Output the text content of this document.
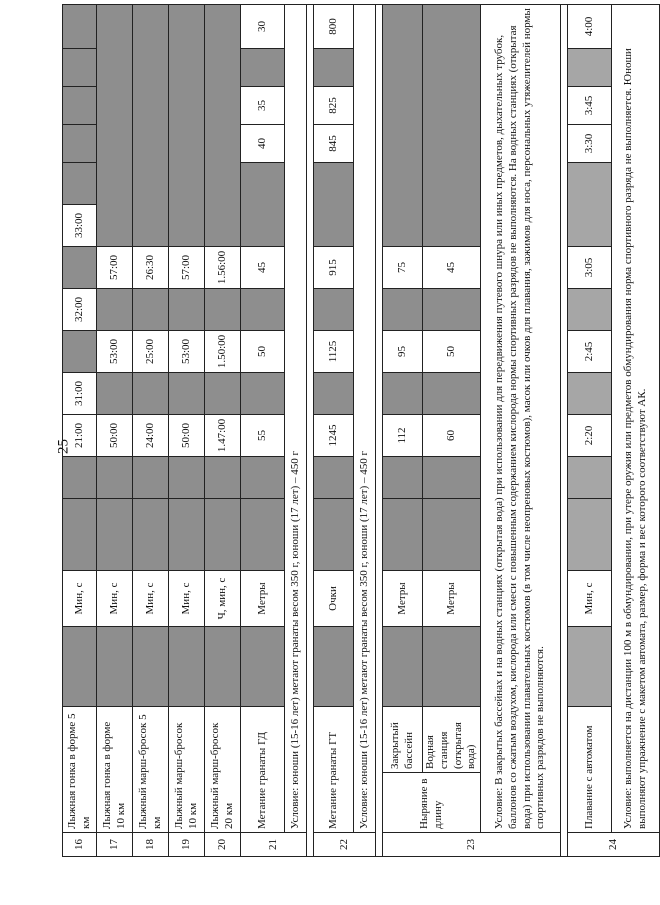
25
16	Лыжная гонка в форме 5 км			Мин, с			21:00	31:00		32:00		33:00					
17	Лыжная гонка в форме 10 км			Мин, с			50:00		53:00		57:00						
18	Лыжный марш-бросок 5 км			Мин, с			24:00		25:00		26:30						
19	Лыжный марш-бросок 10 км			Мин, с			50:00		53:00		57:00						
20	Лыжный марш-бросок 20 км			Ч, мин, с			1.47:00		1.50:00		1.56:00						
21	Метание гранаты ГД			Метры			55		50		45			40	35		30
	Условие: юноши (15-16 лет) метают гранаты весом 350 г, юноши (17 лет) – 450 г																

22	Метание гранаты ГТ			Очки			1245		1125		915			845	825		800
	Условие: юноши (15-16 лет) метают гранаты весом 350 г, юноши (17 лет) – 450 г																

23	Ныряние в длину	Закрытый бассейн		Метры			112		95		75						
		Водная станция (открытая вода)		Метры			60		50		45						
	Условие: В закрытых бассейнах и на водных станциях (открытая вода) при использовании для передвижения путевого шнура или иных предметов, дыхательных трубок, баллонов со сжатым воздухом, кислорода или смеси с повышенным содержанием кислорода нормы спортивных разрядов не выполняются. На водных станциях (открытая вода) при использовании плавательных костюмов (в том числе неопреновых костюмов), масок или очков для плавания, зажимов для носа, персональных утяжелителей нормы спортивных разрядов не выполняются.																

24	Плавание с автоматом			Мин, с			2:20		2:45		3:05			3:30	3:45		4:00
	Условие: выполняется на дистанции 100 м в обмундировании, при утере оружия или предметов обмундирования норма спортивного разряда не выполняется. Юноши выполняют упражнение с макетом автомата, размер, форма и вес которого соответствуют АК.																
